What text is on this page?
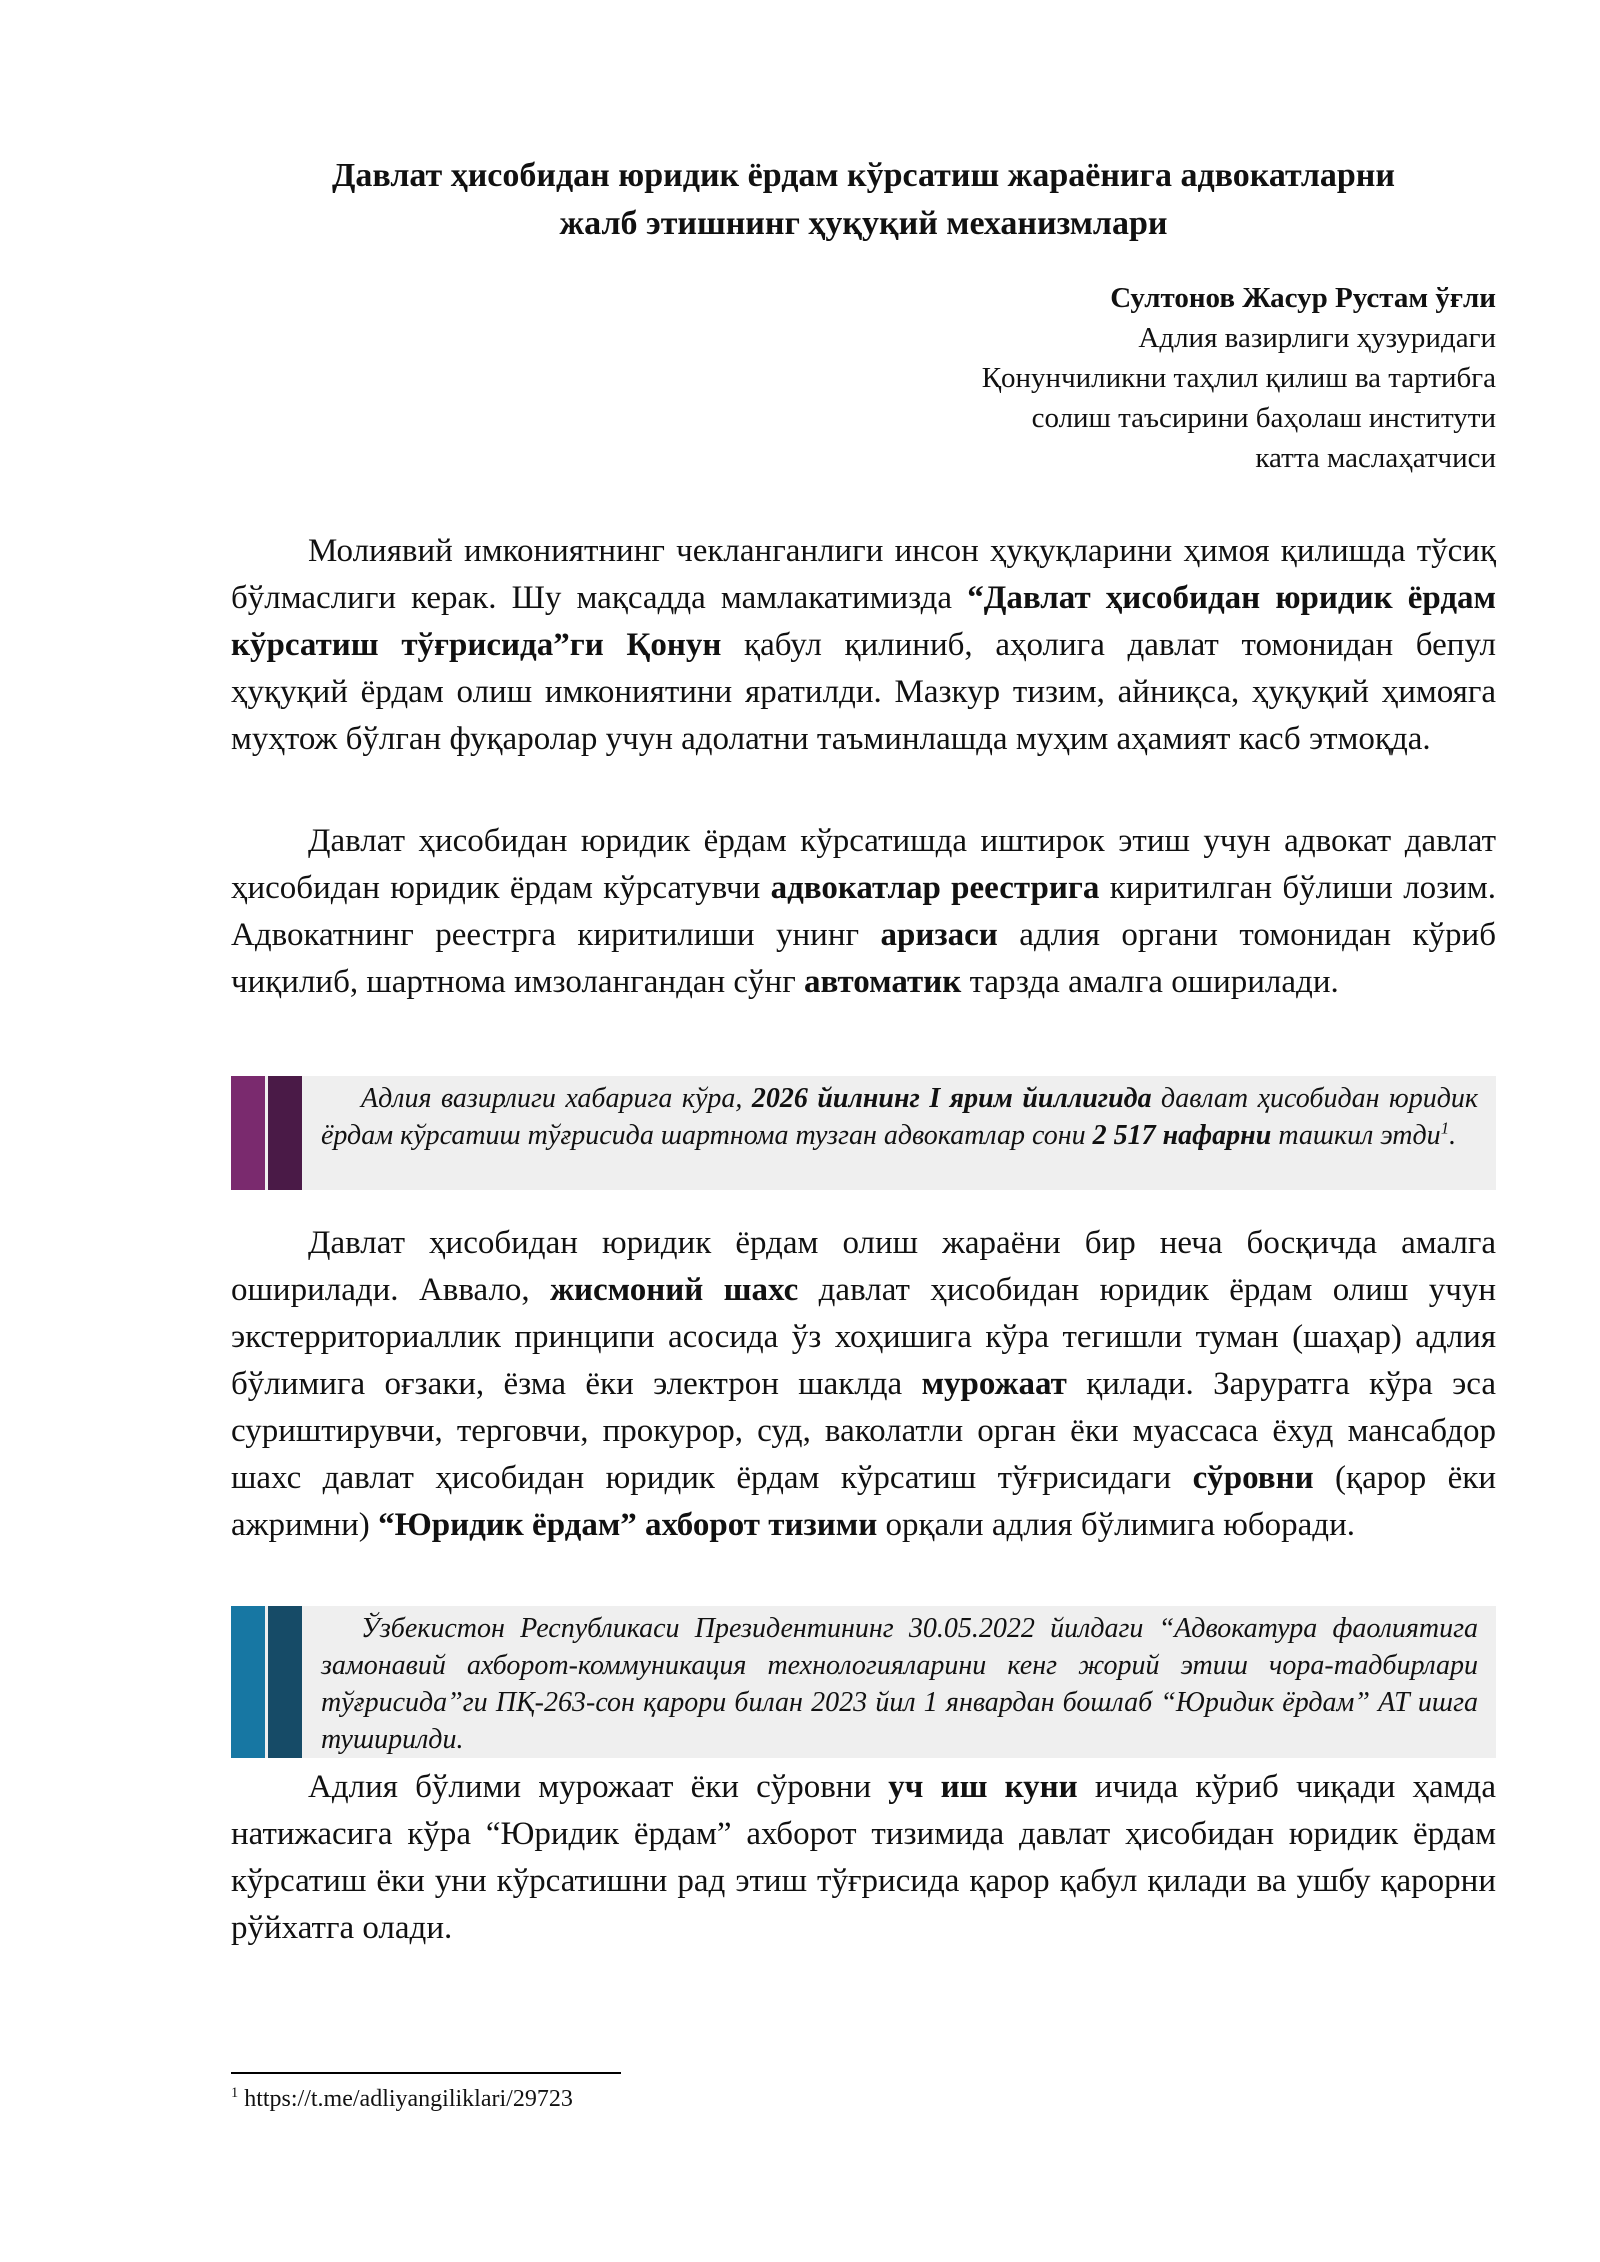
Давлат ҳисобидан юридик ёрдам кўрсатиш жараёнига адвокатларни
жалб этишнинг ҳуқуқий механизмлари
Султонов Жасур Рустам ўғли
Адлия вазирлиги ҳузуридаги
Қонунчиликни таҳлил қилиш ва тартибга
солиш таъсирини баҳолаш институти
катта маслаҳатчиси

Молиявий имкониятнинг чекланганлиги инсон ҳуқуқларини ҳимоя қилишда тўсиқ бўлмаслиги керак. Шу мақсадда мамлакатимизда “Давлат ҳисобидан юридик ёрдам кўрсатиш тўғрисида”ги Қонун қабул қилиниб, аҳолига давлат томонидан бепул ҳуқуқий ёрдам олиш имкониятини яратилди. Мазкур тизим, айниқса, ҳуқуқий ҳимояга муҳтож бўлган фуқаролар учун адолатни таъминлашда муҳим аҳамият касб этмоқда.

Давлат ҳисобидан юридик ёрдам кўрсатишда иштирок этиш учун адвокат давлат ҳисобидан юридик ёрдам кўрсатувчи адвокатлар реестрига киритилган бўлиши лозим. Адвокатнинг реестрга киритилиши унинг аризаси адлия органи томонидан кўриб чиқилиб, шартнома имзолангандан сўнг автоматик тарзда амалга оширилади.

Адлия вазирлиги хабарига кўра, 2026 йилнинг I ярим йиллигида давлат ҳисобидан юридик ёрдам кўрсатиш тўғрисида шартнома тузган адвокатлар сони 2 517 нафарни ташкил этди$^1$.

Давлат ҳисобидан юридик ёрдам олиш жараёни бир неча босқичда амалга оширилади. Аввало, жисмоний шахс давлат ҳисобидан юридик ёрдам олиш учун экстерриториаллик принципи асосида ўз хоҳишига кўра тегишли туман (шаҳар) адлия бўлимига оғзаки, ёзма ёки электрон шаклда мурожаат қилади. Заруратга кўра эса суриштирувчи, терговчи, прокурор, суд, ваколатли орган ёки муассаса ёхуд мансабдор шахс давлат ҳисобидан юридик ёрдам кўрсатиш тўғрисидаги сўровни (қарор ёки ажримни) “Юридик ёрдам” ахборот тизими орқали адлия бўлимига юборади.

Ўзбекистон Республикаси Президентининг 30.05.2022 йилдаги “Адвокатура фаолиятига замонавий ахборот-коммуникация технологияларини кенг жорий этиш чора-тадбирлари тўғрисида”ги ПҚ-263-сон қарори билан 2023 йил 1 январдан бошлаб “Юридик ёрдам” АТ ишга туширилди.

Адлия бўлими мурожаат ёки сўровни уч иш куни ичида кўриб чиқади ҳамда натижасига кўра “Юридик ёрдам” ахборот тизимида давлат ҳисобидан юридик ёрдам кўрсатиш ёки уни кўрсатишни рад этиш тўғрисида қарор қабул қилади ва ушбу қарорни рўйхатга олади.

$^1$ https://t.me/adliyangiliklari/29723
